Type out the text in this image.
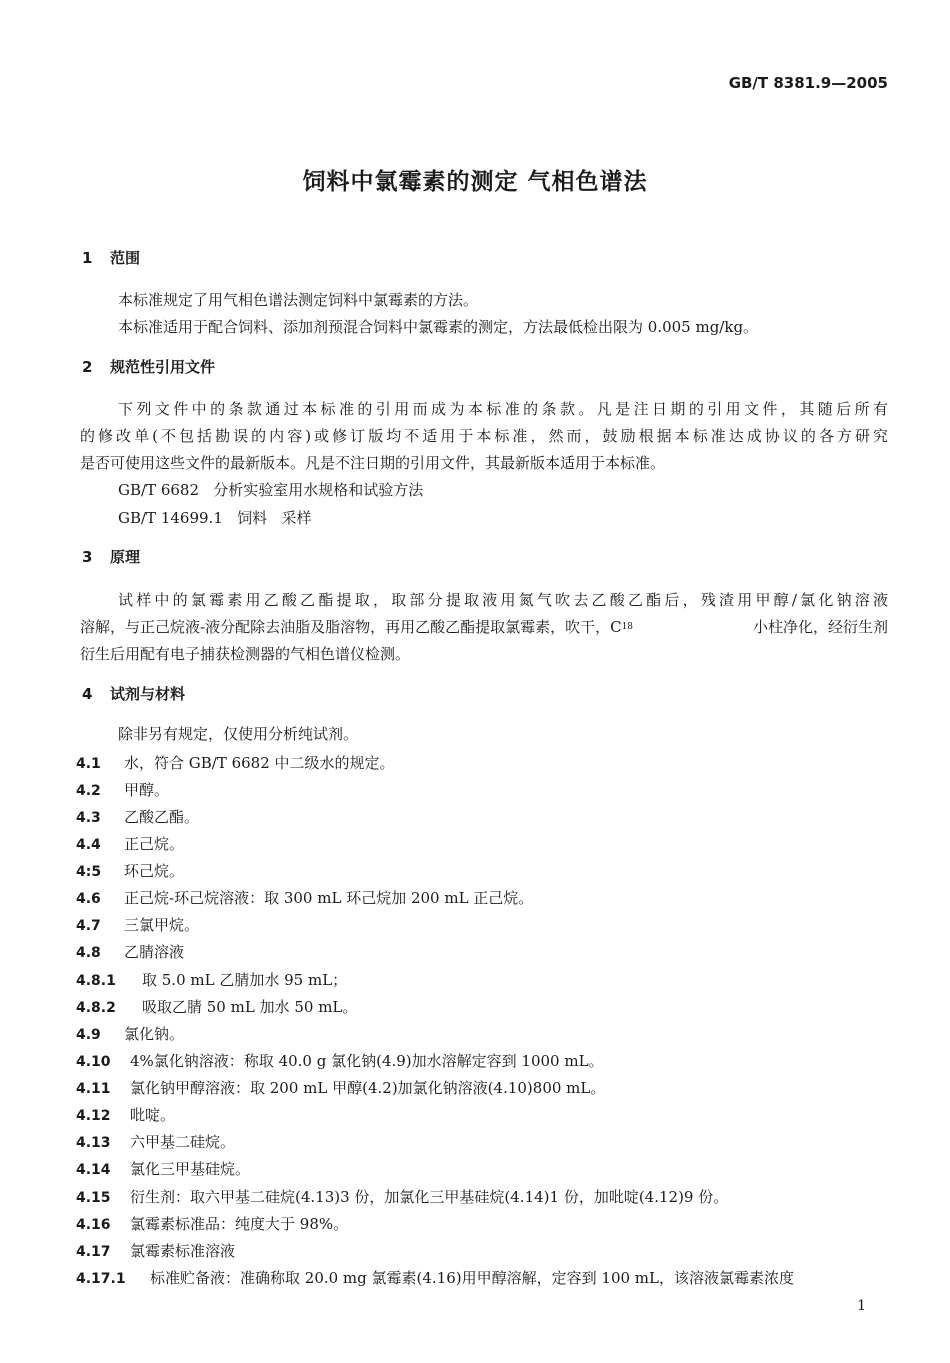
GB/T 8381.9—2005
饲料中氯霉素的测定 气相色谱法
1 范围
本标准规定了用气相色谱法测定饲料中氯霉素的方法。
本标准适用于配合饲料、添加剂预混合饲料中氯霉素的测定，方法最低检出限为 0.005 mg/kg。
2 规范性引用文件
下列文件中的条款通过本标准的引用而成为本标准的条款。凡是注日期的引用文件，其随后所有
的修改单(不包括勘误的内容)或修订版均不适用于本标准，然而，鼓励根据本标准达成协议的各方研究
是否可使用这些文件的最新版本。凡是不注日期的引用文件，其最新版本适用于本标准。
GB/T 6682   分析实验室用水规格和试验方法
GB/T 14699.1   饲料   采样
3 原理
试样中的氯霉素用乙酸乙酯提取，取部分提取液用氮气吹去乙酸乙酯后，残渣用甲醇/氯化钠溶液
溶解，与正己烷液-液分配除去油脂及脂溶物，再用乙酸乙酯提取氯霉素，吹干，$C_{18}$	小柱净化，经衍生剂
衍生后用配有电子捕获检测器的气相色谱仪检测。
4 试剂与材料
除非另有规定，仅使用分析纯试剂。
4.1 水，符合 GB/T 6682 中二级水的规定。
4.2 甲醇。
4.3 乙酸乙酯。
4.4 正己烷。
4:5 环己烷。
4.6 正己烷-环己烷溶液：取 300 mL 环己烷加 200 mL 正己烷。
4.7 三氯甲烷。
4.8 乙腈溶液
4.8.1 取 5.0 mL 乙腈加水 95 mL；
4.8.2 吸取乙腈 50 mL 加水 50 mL。
4.9 氯化钠。
4.10 4%氯化钠溶液：称取 40.0 g 氯化钠(4.9)加水溶解定容到 1000 mL。
4.11 氯化钠甲醇溶液：取 200 mL 甲醇(4.2)加氯化钠溶液(4.10)800 mL。
4.12 吡啶。
4.13 六甲基二硅烷。
4.14 氯化三甲基硅烷。
4.15 衍生剂：取六甲基二硅烷(4.13)3 份，加氯化三甲基硅烷(4.14)1 份，加吡啶(4.12)9 份。
4.16 氯霉素标准品：纯度大于 98%。
4.17 氯霉素标准溶液
4.17.1 标准贮备液：准确称取 20.0 mg 氯霉素(4.16)用甲醇溶解，定容到 100 mL，该溶液氯霉素浓度
1
